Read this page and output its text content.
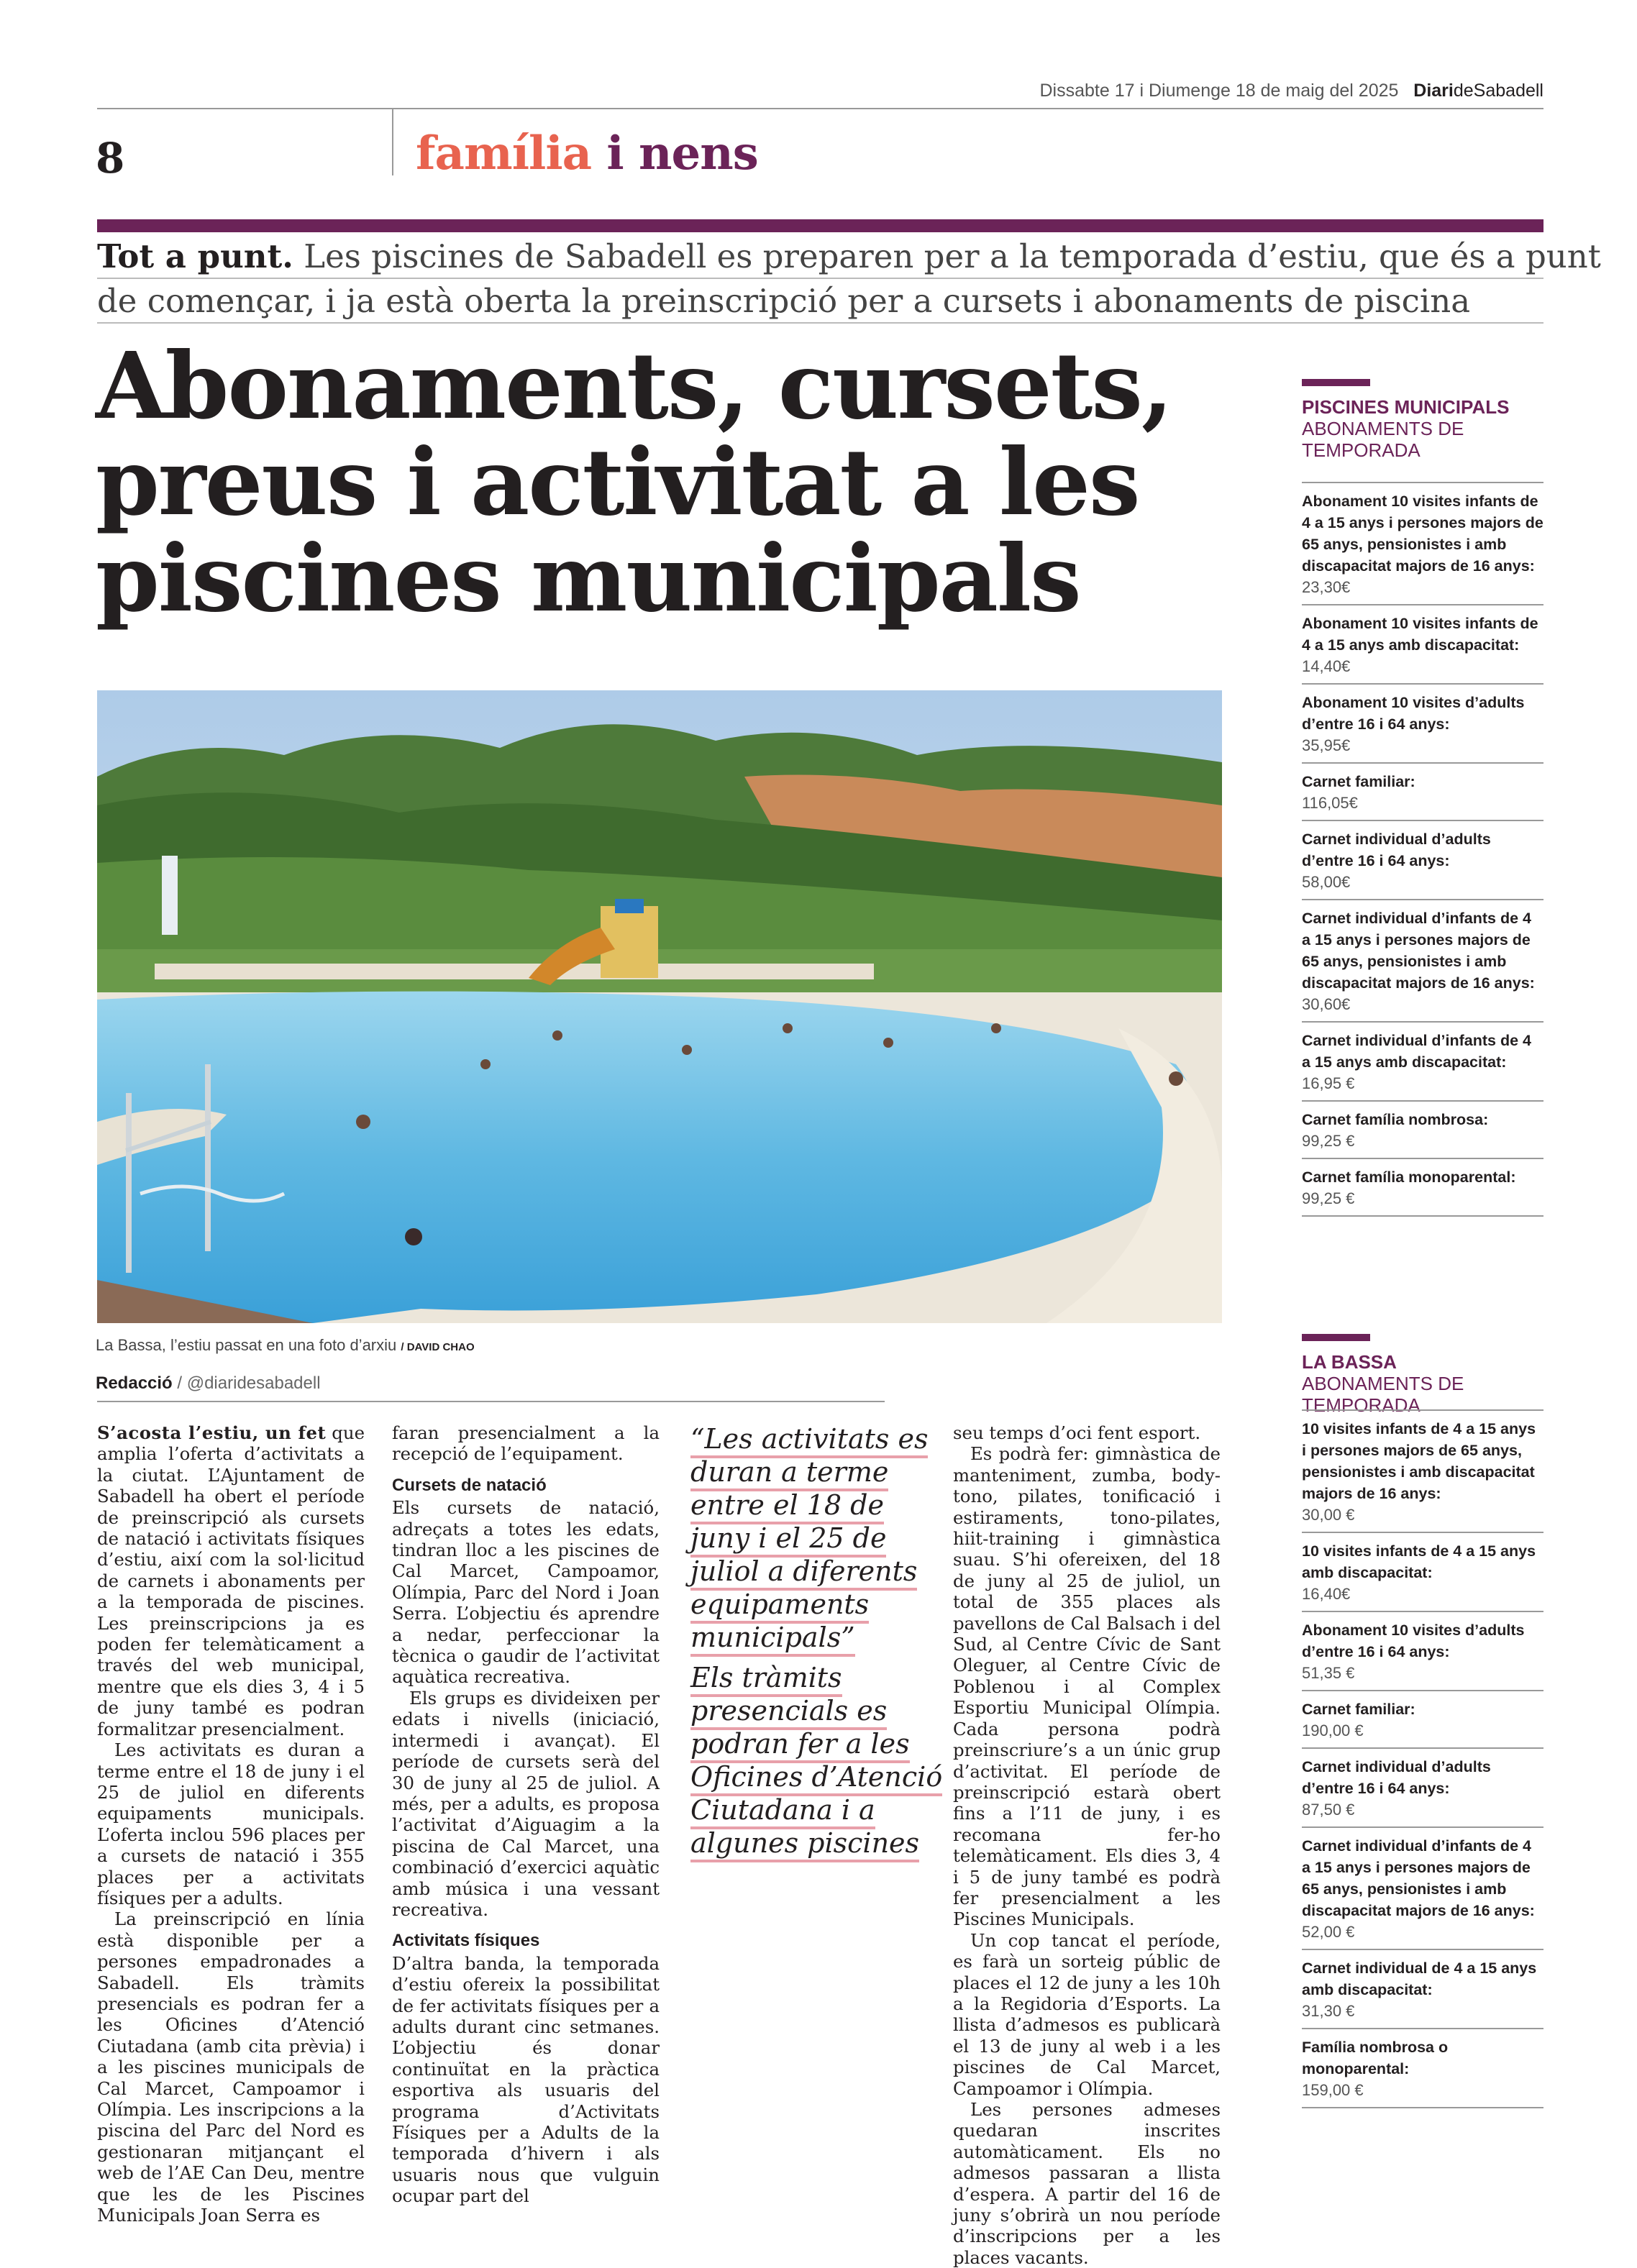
Dissabte 17 i Diumenge 18 de maig del 2025 DiarideSabadell
8	família i nens
Tot a punt. Les piscines de Sabadell es preparen per a la temporada d’estiu, que és a punt
de començar, i ja està oberta la preinscripció per a cursets i abonaments de piscina
Abonaments, cursets,
preus i activitat a les
piscines municipals
La Bassa, l’estiu passat en una foto d’arxiu / DAVID CHAO
Redacció / @diaridesabadell

S’acosta l’estiu, un fet que amplia l’oferta d’activitats a la ciutat. L’Ajuntament de Sabadell ha obert el període de preinscripció als cursets de natació i activitats físiques d’estiu, així com la sol·licitud de carnets i abonaments per a la temporada de piscines. Les preinscripcions ja es poden fer telemàticament a través del web municipal, mentre que els dies 3, 4 i 5 de juny també es podran formalitzar presencialment.

Les activitats es duran a terme entre el 18 de juny i el 25 de juliol en diferents equipaments municipals. L’oferta inclou 596 places per a cursets de natació i 355 places per a activitats físiques per a adults.

La preinscripció en línia està disponible per a persones empadronades a Sabadell. Els tràmits presencials es podran fer a les Oficines d’Atenció Ciutadana (amb cita prèvia) i a les piscines municipals de Cal Marcet, Campoamor i Olímpia. Les inscripcions a la piscina del Parc del Nord es gestionaran mitjançant el web de l’AE Can Deu, mentre que les de les Piscines Municipals Joan Serra es

faran presencialment a la recepció de l’equipament.

Cursets de natació

Els cursets de natació, adreçats a totes les edats, tindran lloc a les piscines de Cal Marcet, Campoamor, Olímpia, Parc del Nord i Joan Serra. L’objectiu és aprendre a nedar, perfeccionar la tècnica o gaudir de l’activitat aquàtica recreativa.

Els grups es divideixen per edats i nivells (iniciació, intermedi i avançat). El període de cursets serà del 30 de juny al 25 de juliol. A més, per a adults, es proposa l’activitat d’Aiguagim a la piscina de Cal Marcet, una combinació d’exercici aquàtic amb música i una vessant recreativa.

Activitats físiques

D’altra banda, la temporada d’estiu ofereix la possibilitat de fer activitats físiques per a adults durant cinc setmanes. L’objectiu és donar continuïtat en la pràctica esportiva als usuaris del programa d’Activitats Físiques per a Adults de la temporada d’hivern i als usuaris nous que vulguin ocupar part del

“Les activitats es duran a terme entre el 18 de juny i el 25 de juliol a diferents equipaments municipals”
Els tràmits presencials es podran fer a les Oficines d’Atenció Ciutadana i a algunes piscines

seu temps d’oci fent esport.

Es podrà fer: gimnàstica de manteniment, zumba, body-tono, pilates, tonificació i estiraments, tono-pilates, hiit-training i gimnàstica suau. S’hi ofereixen, del 18 de juny al 25 de juliol, un total de 355 places als pavellons de Cal Balsach i del Sud, al Centre Cívic de Sant Oleguer, al Centre Cívic de Poblenou i al Complex Esportiu Municipal Olímpia. Cada persona podrà preinscriure’s a un únic grup d’activitat. El període de preinscripció estarà obert fins a l’11 de juny, i es recomana fer-ho telemàticament. Els dies 3, 4 i 5 de juny també es podrà fer presencialment a les Piscines Municipals.

Un cop tancat el període, es farà un sorteig públic de places el 12 de juny a les 10h a la Regidoria d’Esports. La llista d’admesos es publicarà el 13 de juny al web i a les piscines de Cal Marcet, Campoamor i Olímpia.

Les persones admeses quedaran inscrites automàticament. Els no admesos passaran a llista d’espera. A partir del 16 de juny s’obrirà un nou període d’inscripcions per a les places vacants.

PISCINES MUNICIPALS
ABONAMENTS DE
TEMPORADA
Abonament 10 visites infants de 4 a 15 anys i persones majors de 65 anys, pensionistes i amb discapacitat majors de 16 anys:
23,30€
Abonament 10 visites infants de 4 a 15 anys amb discapacitat:
14,40€
Abonament 10 visites d’adults d’entre 16 i 64 anys:
35,95€
Carnet familiar:
116,05€
Carnet individual d’adults d’entre 16 i 64 anys:
58,00€
Carnet individual d’infants de 4 a 15 anys i persones majors de 65 anys, pensionistes i amb discapacitat majors de 16 anys:
30,60€
Carnet individual d’infants de 4 a 15 anys amb discapacitat:
16,95 €
Carnet família nombrosa:
99,25 €
Carnet família monoparental:
99,25 €
LA BASSA
ABONAMENTS DE
TEMPORADA
10 visites infants de 4 a 15 anys i persones majors de 65 anys, pensionistes i amb discapacitat majors de 16 anys:
30,00 €
10 visites infants de 4 a 15 anys amb discapacitat:
16,40€
Abonament 10 visites d’adults d’entre 16 i 64 anys:
51,35 €
Carnet familiar:
190,00 €
Carnet individual d’adults d’entre 16 i 64 anys:
87,50 €
Carnet individual d’infants de 4 a 15 anys i persones majors de 65 anys, pensionistes i amb discapacitat majors de 16 anys:
52,00 €
Carnet individual de 4 a 15 anys amb discapacitat:
31,30 €
Família nombrosa o monoparental:
159,00 €
